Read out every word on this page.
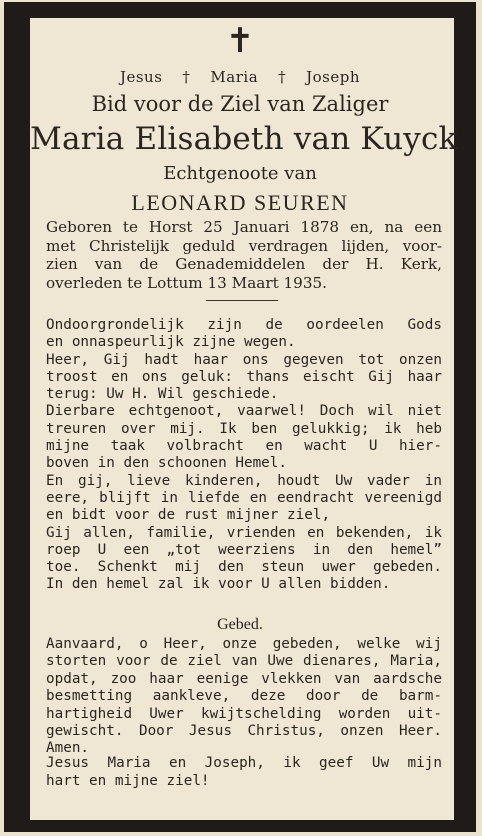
✝
Jesus † Maria † Joseph
Bid voor de Ziel van Zaliger
Maria Elisabeth van Kuyck
Echtgenoote van
LEONARD SEUREN
Geboren te Horst 25 Januari 1878 en, na een
met Christelijk geduld verdragen lijden, voor-
zien van de Genademiddelen der H. Kerk,
overleden te Lottum 13 Maart 1935.
Ondoorgrondelijk zijn de oordeelen Gods
en onnaspeurlijk zijne wegen.
Heer, Gij hadt haar ons gegeven tot onzen
troost en ons geluk: thans eischt Gij haar
terug: Uw H. Wil geschiede.
Dierbare echtgenoot, vaarwel! Doch wil niet
treuren over mij. Ik ben gelukkig; ik heb
mijne taak volbracht en wacht U hier-
boven in den schoonen Hemel.
En gij, lieve kinderen, houdt Uw vader in
eere, blijft in liefde en eendracht vereenigd
en bidt voor de rust mijner ziel,
Gij allen, familie, vrienden en bekenden, ik
roep U een „tot weerziens in den hemel”
toe. Schenkt mij den steun uwer gebeden.
In den hemel zal ik voor U allen bidden.
Gebed.
Aanvaard, o Heer, onze gebeden, welke wij
storten voor de ziel van Uwe dienares, Maria,
opdat, zoo haar eenige vlekken van aardsche
besmetting aankleve, deze door de barm-
hartigheid Uwer kwijtschelding worden uit-
gewischt. Door Jesus Christus, onzen Heer.
Amen.
Jesus Maria en Joseph, ik geef Uw mijn
hart en mijne ziel!
